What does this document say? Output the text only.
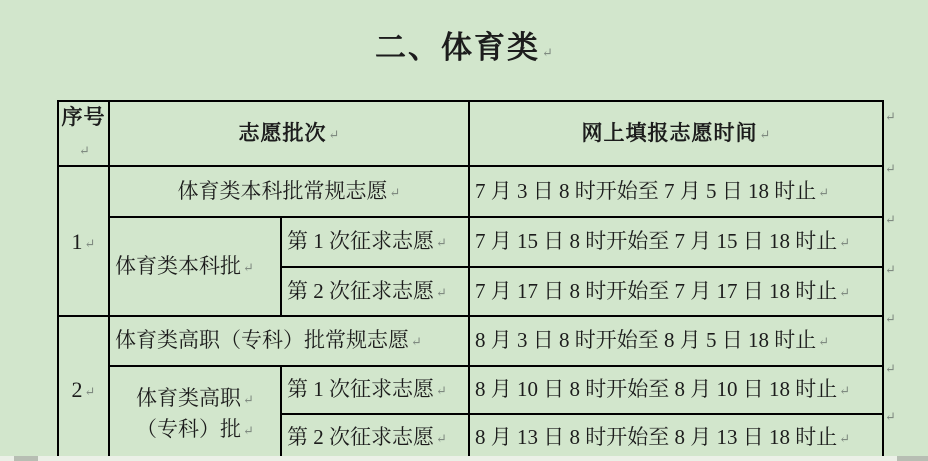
二、体育类 ↵
序号↵	志愿批次 ↵		网上填报志愿时间 ↵
1 ↵	体育类本科批常规志愿 ↵		7 月 3 日 8 时开始至 7 月 5 日 18 时止 ↵

	体育类本科批 ↵	第 1 次征求志愿 ↵	7 月 15 日 8 时开始至 7 月 15 日 18 时止 ↵
		第 2 次征求志愿 ↵	7 月 17 日 8 时开始至 7 月 17 日 18 时止 ↵
2 ↵	体育类高职（专科）批常规志愿 ↵		8 月 3 日 8 时开始至 8 月 5 日 18 时止 ↵

	体育类高职 ↵
（专科）批 ↵	第 1 次征求志愿 ↵	8 月 10 日 8 时开始至 8 月 10 日 18 时止 ↵
		第 2 次征求志愿 ↵	8 月 13 日 8 时开始至 8 月 13 日 18 时止 ↵
↵
↵
↵
↵
↵
↵
↵
